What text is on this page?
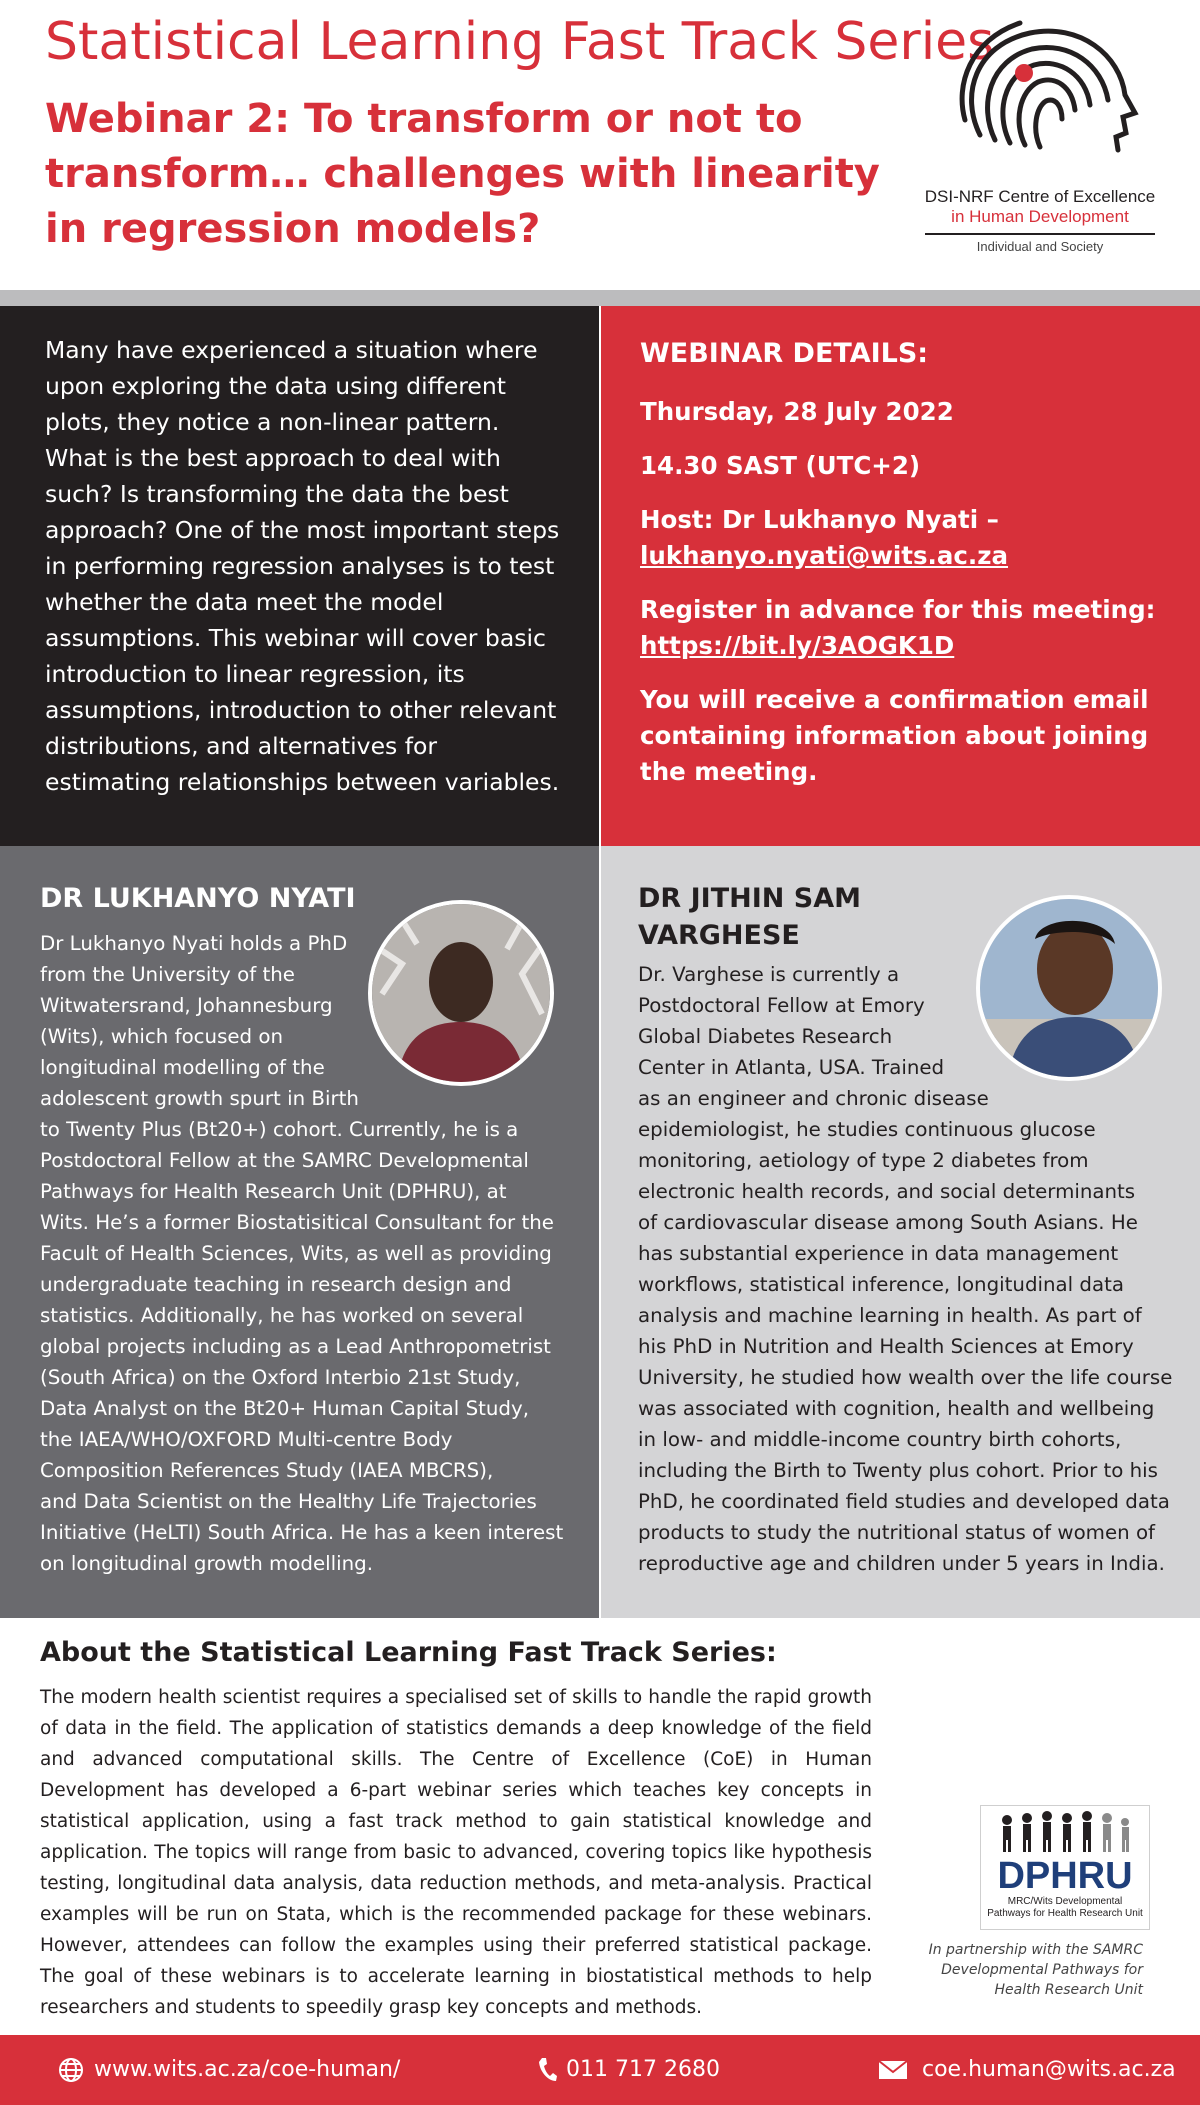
Statistical Learning Fast Track Series
Webinar 2: To transform or not to transform… challenges with linearity in regression models?
DSI-NRF Centre of Excellence
in Human Development
Individual and Society
Many have experienced a situation where upon exploring the data using different plots, they notice a non-linear pattern. What is the best approach to deal with such? Is transforming the data the best approach? One of the most important steps in performing regression analyses is to test whether the data meet the model assumptions. This webinar will cover basic introduction to linear regression, its assumptions, introduction to other relevant distributions, and alternatives for estimating relationships between variables.
WEBINAR DETAILS:
Thursday, 28 July 2022
14.30 SAST (UTC+2)
Host: Dr Lukhanyo Nyati –
lukhanyo.nyati@wits.ac.za
Register in advance for this meeting:
https://bit.ly/3AOGK1D
You will receive a confirmation email containing information about joining the meeting.
DR LUKHANYO NYATI
Dr Lukhanyo Nyati holds a PhD
from the University of the
Witwatersrand, Johannesburg
(Wits), which focused on
longitudinal modelling of the
adolescent growth spurt in Birth
to Twenty Plus (Bt20+) cohort. Currently, he is a
Postdoctoral Fellow at the SAMRC Developmental
Pathways for Health Research Unit (DPHRU), at
Wits. He’s a former Biostatisitical Consultant for the
Facult of Health Sciences, Wits, as well as providing
undergraduate teaching in research design and
statistics. Additionally, he has worked on several
global projects including as a Lead Anthropometrist
(South Africa) on the Oxford Interbio 21st Study,
Data Analyst on the Bt20+ Human Capital Study,
the IAEA/WHO/OXFORD Multi-centre Body
Composition References Study (IAEA MBCRS),
and Data Scientist on the Healthy Life Trajectories
Initiative (HeLTI) South Africa. He has a keen interest
on longitudinal growth modelling.
DR JITHIN SAM
VARGHESE
Dr. Varghese is currently a
Postdoctoral Fellow at Emory
Global Diabetes Research
Center in Atlanta, USA. Trained
as an engineer and chronic disease
epidemiologist, he studies continuous glucose
monitoring, aetiology of type 2 diabetes from
electronic health records, and social determinants
of cardiovascular disease among South Asians. He
has substantial experience in data management
workflows, statistical inference, longitudinal data
analysis and machine learning in health. As part of
his PhD in Nutrition and Health Sciences at Emory
University, he studied how wealth over the life course
was associated with cognition, health and wellbeing
in low- and middle-income country birth cohorts,
including the Birth to Twenty plus cohort. Prior to his
PhD, he coordinated field studies and developed data
products to study the nutritional status of women of
reproductive age and children under 5 years in India.
About the Statistical Learning Fast Track Series:
The modern health scientist requires a specialised set of skills to handle the rapid growth of data in the field. The application of statistics demands a deep knowledge of the field and advanced computational skills. The Centre of Excellence (CoE) in Human Development has developed a 6-part webinar series which teaches key concepts in statistical application, using a fast track method to gain statistical knowledge and application. The topics will range from basic to advanced, covering topics like hypothesis testing, longitudinal data analysis, data reduction methods, and meta-analysis. Practical examples will be run on Stata, which is the recommended package for these webinars. However, attendees can follow the examples using their preferred statistical package. The goal of these webinars is to accelerate learning in biostatistical methods to help researchers and students to speedily grasp key concepts and methods.
DPHRU
MRC/Wits Developmental
Pathways for Health Research Unit
In partnership with the SAMRC Developmental Pathways for Health Research Unit
www.wits.ac.za/coe-human/	011 717 2680	coe.human@wits.ac.za
